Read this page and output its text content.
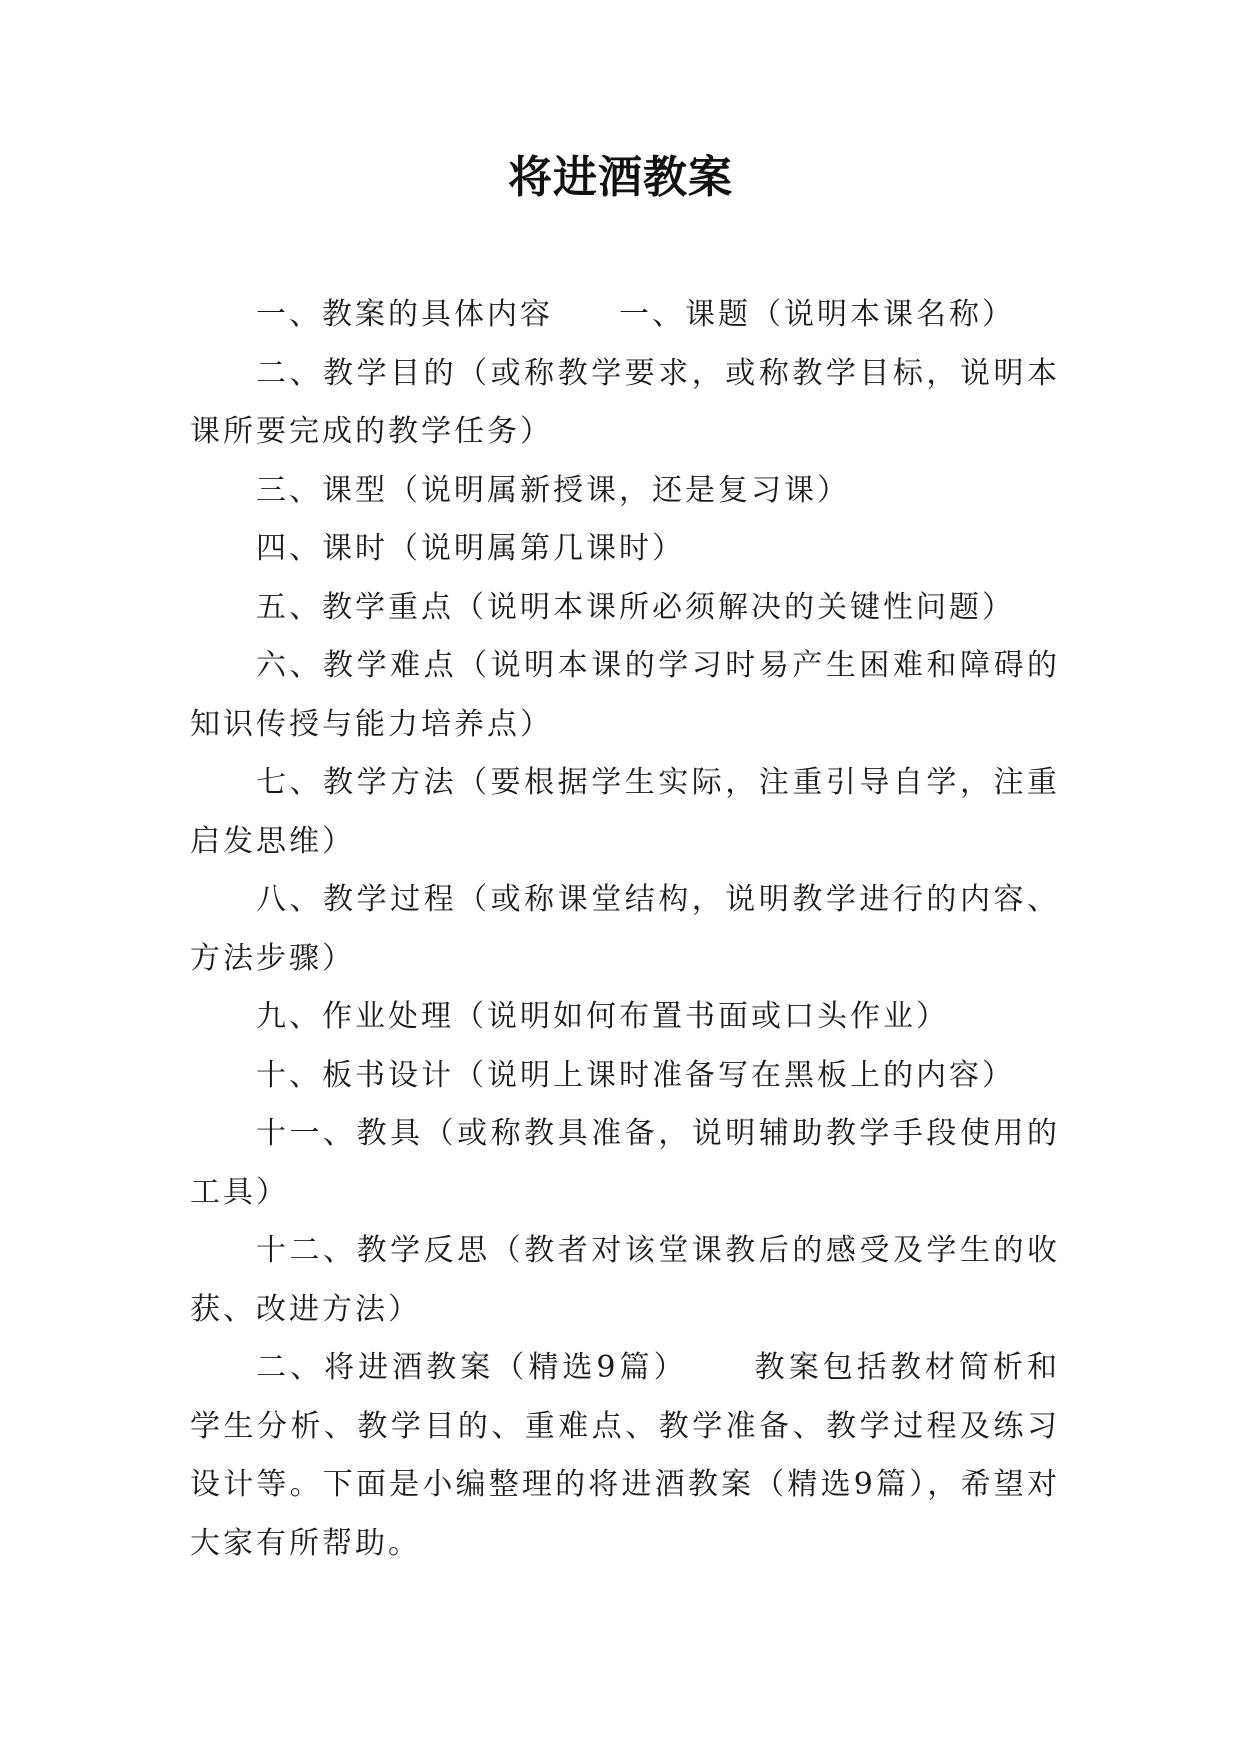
将进酒教案

一、教案的具体内容 一、课题（说明本课名称）

二、教学目的（或称教学要求，或称教学目标，说明本课所要完成的教学任务）

三、课型（说明属新授课，还是复习课）

四、课时（说明属第几课时）

五、教学重点（说明本课所必须解决的关键性问题）

六、教学难点（说明本课的学习时易产生困难和障碍的知识传授与能力培养点）

七、教学方法（要根据学生实际，注重引导自学，注重启发思维）

八、教学过程（或称课堂结构，说明教学进行的内容、方法步骤）

九、作业处理（说明如何布置书面或口头作业）

十、板书设计（说明上课时准备写在黑板上的内容）

十一、教具（或称教具准备，说明辅助教学手段使用的工具）

十二、教学反思（教者对该堂课教后的感受及学生的收获、改进方法）

二、将进酒教案（精选9篇） 教案包括教材简析和学生分析、教学目的、重难点、教学准备、教学过程及练习设计等。下面是小编整理的将进酒教案（精选9篇），希望对大家有所帮助。
